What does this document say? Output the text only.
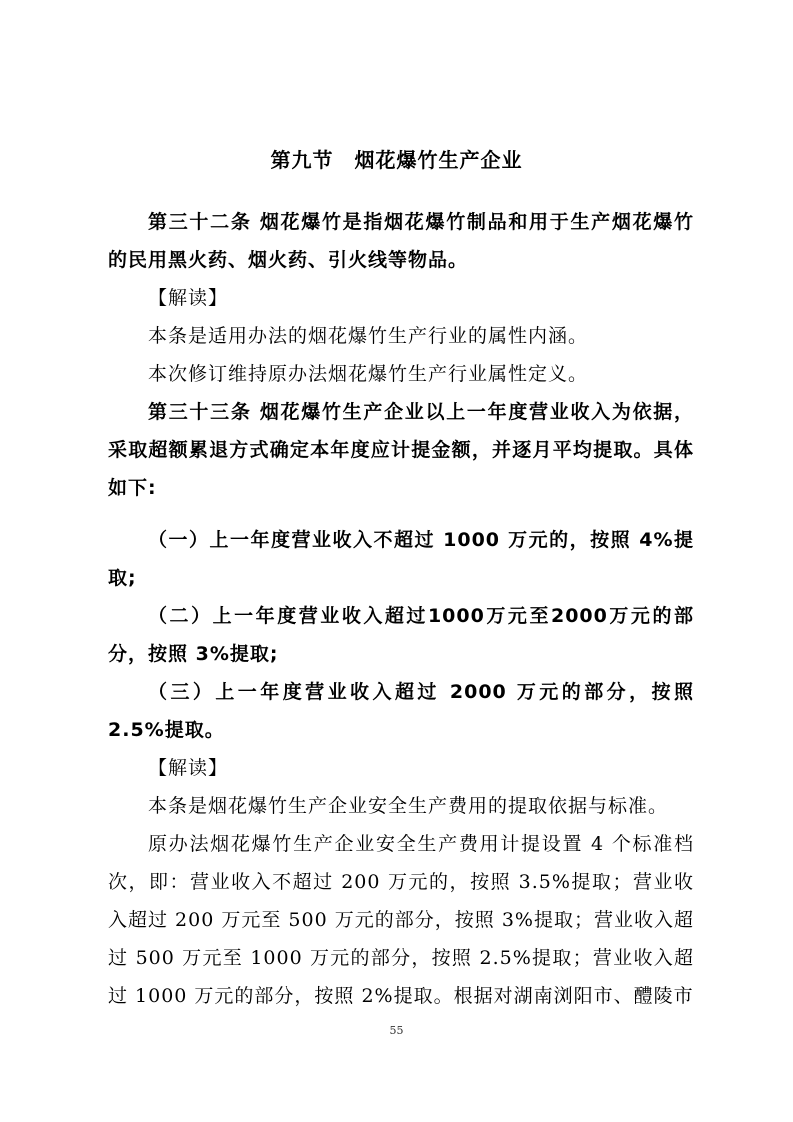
第九节　烟花爆竹生产企业

第三十二条 烟花爆竹是指烟花爆竹制品和用于生产烟花爆竹的民用黑火药、烟火药、引火线等物品。

【解读】

本条是适用办法的烟花爆竹生产行业的属性内涵。

本次修订维持原办法烟花爆竹生产行业属性定义。

第三十三条 烟花爆竹生产企业以上一年度营业收入为依据，采取超额累退方式确定本年度应计提金额，并逐月平均提取。具体如下:

（一）上一年度营业收入不超过 1000 万元的，按照 4%提取;

（二）上一年度营业收入超过1000万元至2000万元的部分，按照 3%提取;

（三）上一年度营业收入超过 2000 万元的部分，按照 2.5%提取。

【解读】

本条是烟花爆竹生产企业安全生产费用的提取依据与标准。

原办法烟花爆竹生产企业安全生产费用计提设置 4 个标准档次，即：营业收入不超过 200 万元的，按照 3.5%提取；营业收入超过 200 万元至 500 万元的部分，按照 3%提取；营业收入超过 500 万元至 1000 万元的部分，按照 2.5%提取；营业收入超过 1000 万元的部分，按照 2%提取。根据对湖南浏阳市、醴陵市

55
